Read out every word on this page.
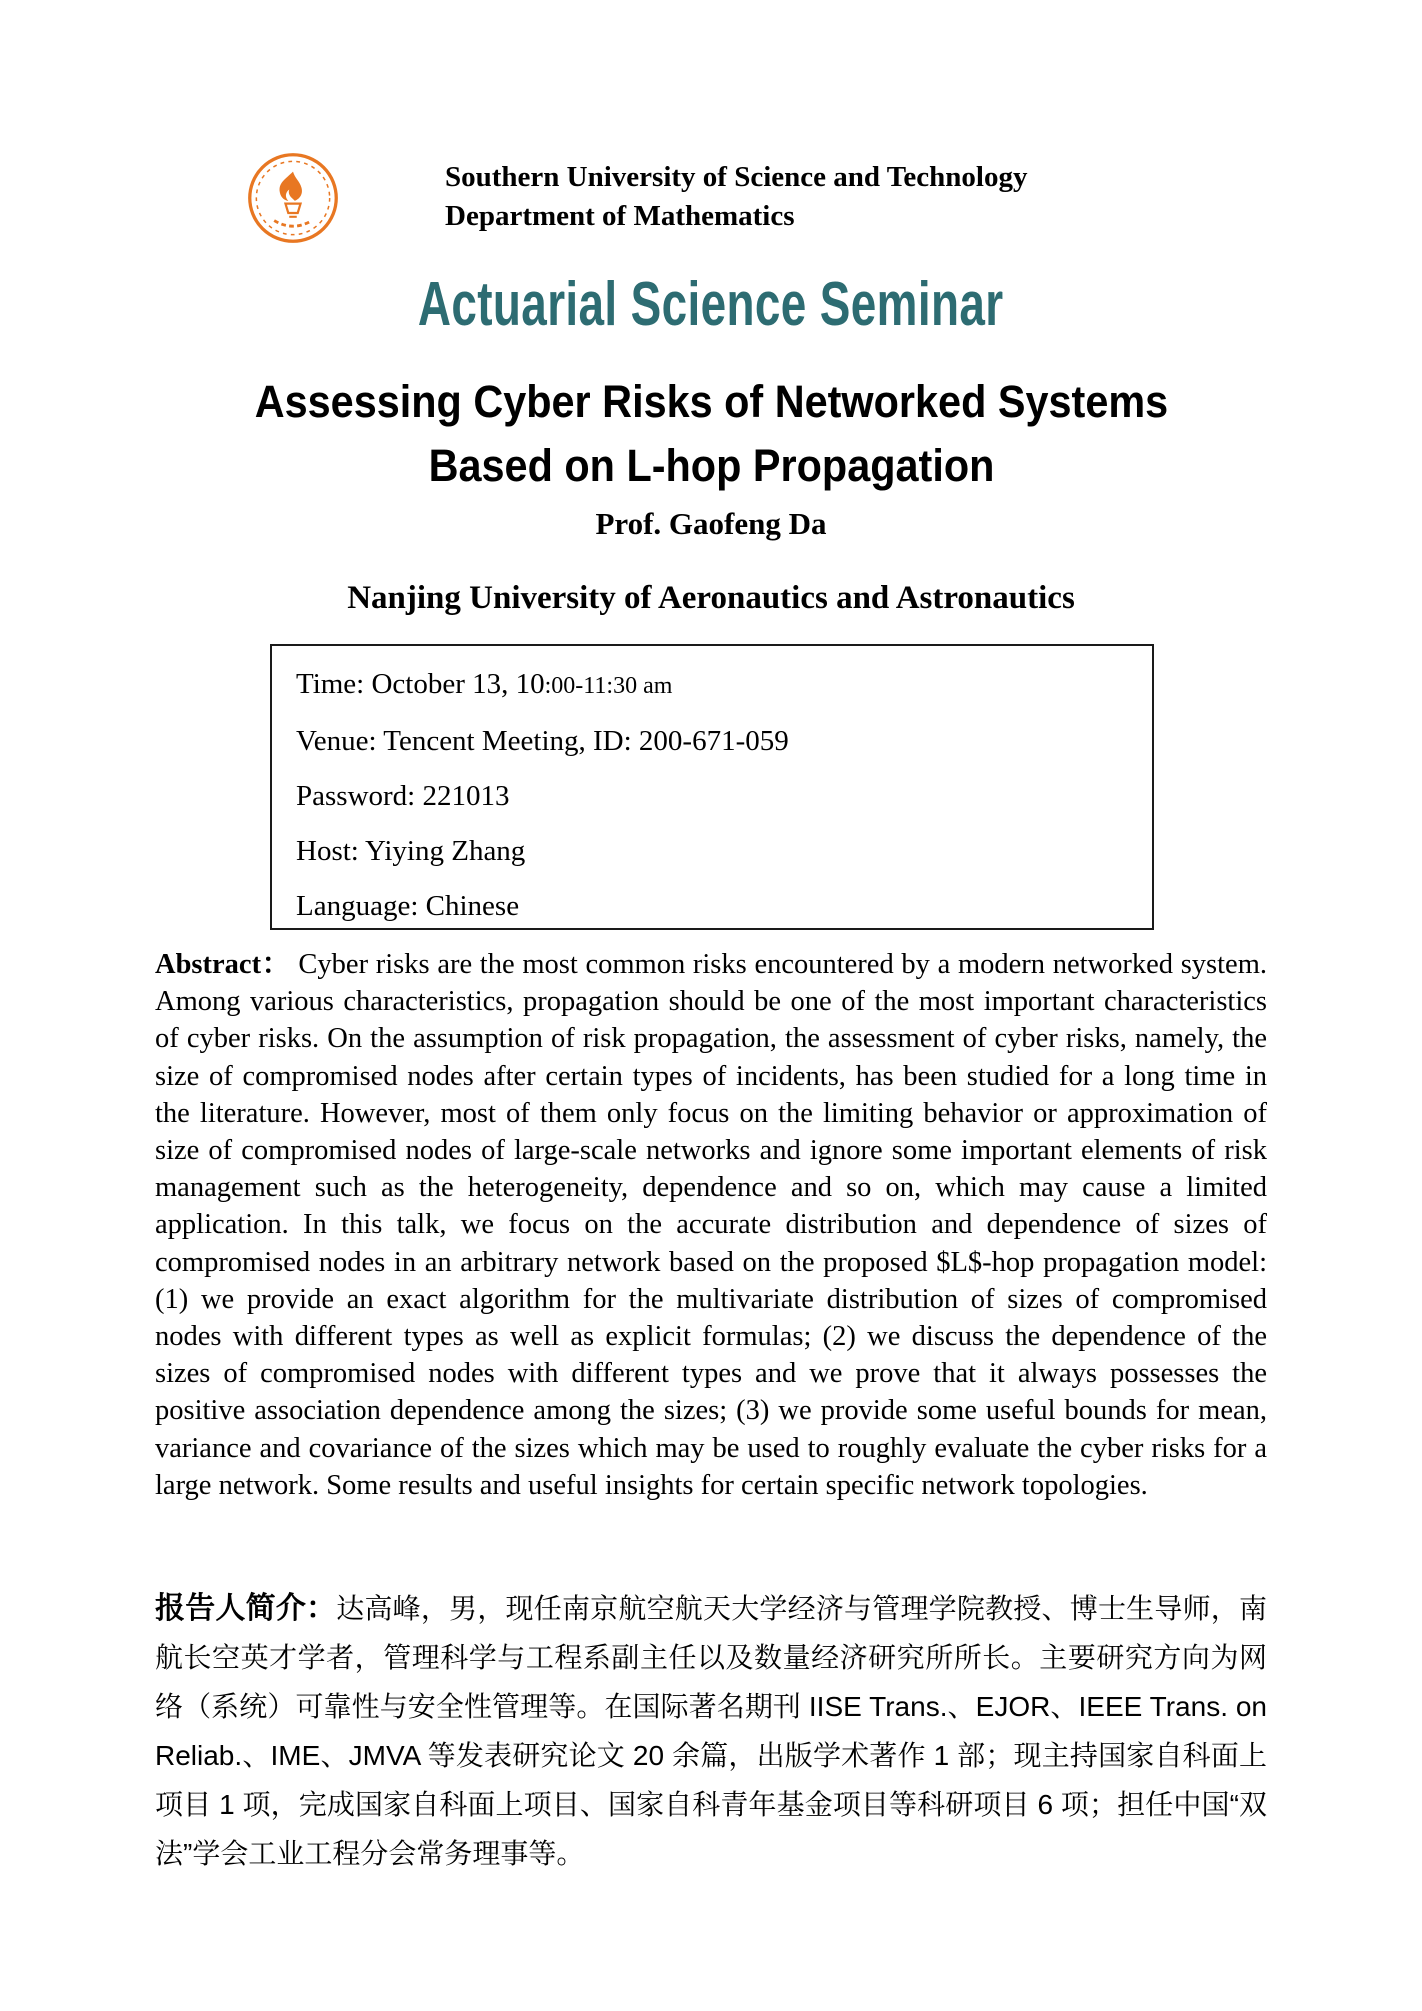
Southern University of Science and Technology
Department of Mathematics
Actuarial Science Seminar
Assessing Cyber Risks of Networked Systems
Based on L-hop Propagation
Prof. Gaofeng Da
Nanjing University of Aeronautics and Astronautics

Time: October 13, 10:00-11:30 am

Venue: Tencent Meeting, ID: 200-671-059

Password: 221013

Host: Yiying Zhang

Language: Chinese

Abstract： Cyber risks are the most common risks encountered by a modern networked system. Among various characteristics, propagation should be one of the most important characteristics of cyber risks. On the assumption of risk propagation, the assessment of cyber risks, namely, the size of compromised nodes after certain types of incidents, has been studied for a long time in the literature. However, most of them only focus on the limiting behavior or approximation of size of compromised nodes of large-scale networks and ignore some important elements of risk management such as the heterogeneity, dependence and so on, which may cause a limited application. In this talk, we focus on the accurate distribution and dependence of sizes of compromised nodes in an arbitrary network based on the proposed $L$-hop propagation model: (1) we provide an exact algorithm for the multivariate distribution of sizes of compromised nodes with different types as well as explicit formulas; (2) we discuss the dependence of the sizes of compromised nodes with different types and we prove that it always possesses the positive association dependence among the sizes; (3) we provide some useful bounds for mean, variance and covariance of the sizes which may be used to roughly evaluate the cyber risks for a large network. Some results and useful insights for certain specific network topologies.
报告人简介：达高峰，男，现任南京航空航天大学经济与管理学院教授、博士生导师，南航长空英才学者，管理科学与工程系副主任以及数量经济研究所所长。主要研究方向为网络（系统）可靠性与安全性管理等。在国际著名期刊 IISE Trans.、EJOR、IEEE Trans. on Reliab.、IME、JMVA 等发表研究论文 20 余篇，出版学术著作 1 部；现主持国家自科面上项目 1 项，完成国家自科面上项目、国家自科青年基金项目等科研项目 6 项；担任中国“双法”学会工业工程分会常务理事等。
